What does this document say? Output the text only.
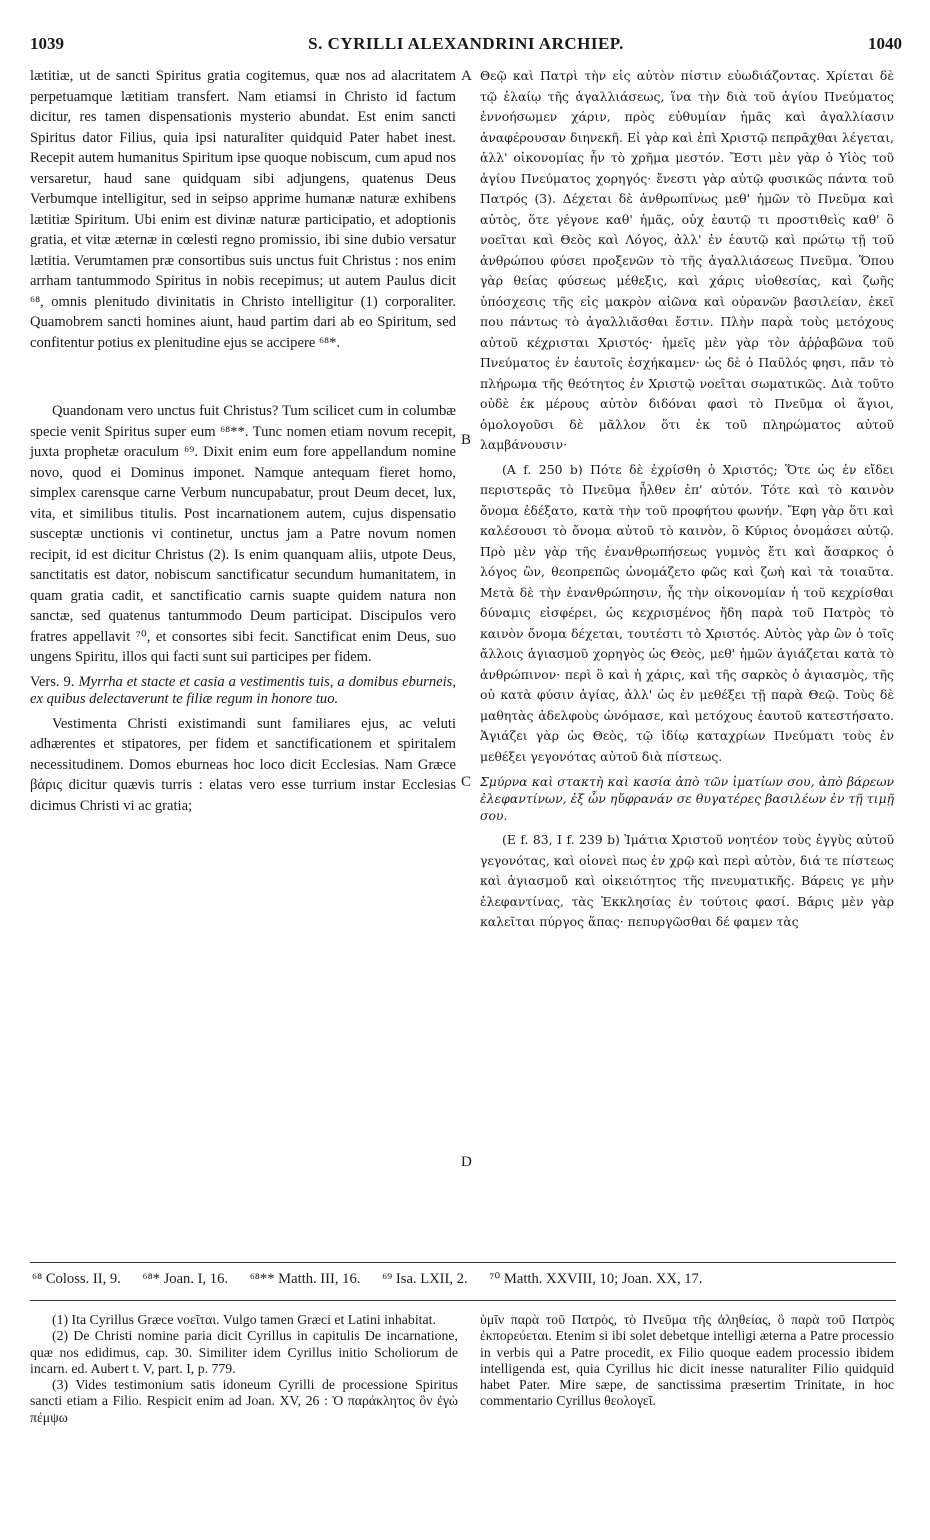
1039	S. CYRILLI ALEXANDRINI ARCHIEP.	1040

lætitiæ, ut de sancti Spiritus gratia cogitemus, quæ nos ad alacritatem perpetuamque lætitiam transfert. Nam etiamsi in Christo id factum dicitur, res tamen dispensationis mysterio abundat. Est enim sancti Spiritus dator Filius, quia ipsi naturaliter quidquid Pater habet inest. Recepit autem humanitus Spiritum ipse quoque nobiscum, cum apud nos versaretur, haud sane quidquam sibi adjungens, quatenus Deus Verbumque intelligitur, sed in seipso apprime humanæ naturæ exhibens lætitiæ Spiritum. Ubi enim est divinæ naturæ participatio, et adoptionis gratia, et vitæ æternæ in cœlesti regno promissio, ibi sine dubio versatur lætitia. Verumtamen præ consortibus suis unctus fuit Christus : nos enim arrham tantummodo Spiritus in nobis recepimus; ut autem Paulus dicit ⁶⁸, omnis plenitudo divinitatis in Christo intelligitur (1) corporaliter. Quamobrem sancti homines aiunt, haud partim dari ab eo Spiritum, sed confitentur potius ex plenitudine ejus se accipere ⁶⁸*.

Quandonam vero unctus fuit Christus? Tum scilicet cum in columbæ specie venit Spiritus super eum ⁶⁸**. Tunc nomen etiam novum recepit, juxta prophetæ oraculum ⁶⁹. Dixit enim eum fore appellandum nomine novo, quod ei Dominus imponet. Namque antequam fieret homo, simplex carensque carne Verbum nuncupabatur, prout Deum decet, lux, vita, et similibus titulis. Post incarnationem autem, cujus dispensatio susceptæ unctionis vi continetur, unctus jam a Patre novum nomen recipit, id est dicitur Christus (2). Is enim quanquam aliis, utpote Deus, sanctitatis est dator, nobiscum sanctificatur secundum humanitatem, in quam gratia cadit, et sanctificatio carnis suapte quidem natura non sanctæ, sed quatenus tantummodo Deum participat. Discipulos vero fratres appellavit ⁷⁰, et consortes sibi fecit. Sanctificat enim Deus, suo ungens Spiritu, illos qui facti sunt sui participes per fidem.

Vers. 9. Myrrha et stacte et casia a vestimentis tuis, a domibus eburneis, ex quibus delectaverunt te filiæ regum in honore tuo.

Vestimenta Christi existimandi sunt familiares ejus, ac veluti adhærentes et stipatores, per fidem et sanctificationem et spiritalem necessitudinem. Domos eburneas hoc loco dicit Ecclesias. Nam Græce βάρις dicitur quævis turris : elatas vero esse turrium instar Ecclesias dicimus Christi vi ac gratia;

A
B
C
D

Θεῷ καὶ Πατρὶ τὴν εἰς αὐτὸν πίστιν εὐωδιάζοντας. Χρίεται δὲ τῷ ἐλαίῳ τῆς ἀγαλλιάσεως, ἵνα τὴν διὰ τοῦ ἁγίου Πνεύματος ἐννοήσωμεν χάριν, πρὸς εὐθυμίαν ἡμᾶς καὶ ἀγαλλίασιν ἀναφέρουσαν διηνεκῆ. Εἰ γὰρ καὶ ἐπὶ Χριστῷ πεπρᾶχθαι λέγεται, ἀλλ' οἰκονομίας ἦν τὸ χρῆμα μεστόν. Ἔστι μὲν γὰρ ὁ Υἱὸς τοῦ ἁγίου Πνεύματος χορηγός· ἔνεστι γὰρ αὐτῷ φυσικῶς πάντα τοῦ Πατρός (3). Δέχεται δὲ ἀνθρωπίνως μεθ' ἡμῶν τὸ Πνεῦμα καὶ αὐτὸς, ὅτε γέγονε καθ' ἡμᾶς, οὐχ ἑαυτῷ τι προστιθεὶς καθ' ὃ νοεῖται καὶ Θεὸς καὶ Λόγος, ἀλλ' ἐν ἑαυτῷ καὶ πρώτῳ τῇ τοῦ ἀνθρώπου φύσει προξενῶν τὸ τῆς ἀγαλλιάσεως Πνεῦμα. Ὅπου γὰρ θείας φύσεως μέθεξις, καὶ χάρις υἱοθεσίας, καὶ ζωῆς ὑπόσχεσις τῆς εἰς μακρὸν αἰῶνα καὶ οὐρανῶν βασιλείαν, ἐκεῖ που πάντως τὸ ἀγαλλιᾶσθαι ἔστιν. Πλὴν παρὰ τοὺς μετόχους αὐτοῦ κέχρισται Χριστός· ἡμεῖς μὲν γὰρ τὸν ἀῤῥαβῶνα τοῦ Πνεύματος ἐν ἑαυτοῖς ἐσχήκαμεν· ὡς δὲ ὁ Παῦλός φησι, πᾶν τὸ πλήρωμα τῆς θεότητος ἐν Χριστῷ νοεῖται σωματικῶς. Διὰ τοῦτο οὐδὲ ἐκ μέρους αὐτὸν διδόναι φασὶ τὸ Πνεῦμα οἱ ἅγιοι, ὁμολογοῦσι δὲ μᾶλλον ὅτι ἐκ τοῦ πληρώματος αὐτοῦ λαμβάνουσιν·

(A f. 250 b) Πότε δὲ ἐχρίσθη ὁ Χριστός; Ὅτε ὡς ἐν εἴδει περιστερᾶς τὸ Πνεῦμα ἦλθεν ἐπ' αὐτόν. Τότε καὶ τὸ καινὸν ὄνομα ἐδέξατο, κατὰ τὴν τοῦ προφήτου φωνήν. Ἔφη γὰρ ὅτι καὶ καλέσουσι τὸ ὄνομα αὐτοῦ τὸ καινὸν, ὃ Κύριος ὀνομάσει αὐτῷ. Πρὸ μὲν γὰρ τῆς ἐνανθρωπήσεως γυμνὸς ἔτι καὶ ἄσαρκος ὁ λόγος ὢν, θεοπρεπῶς ὠνομάζετο φῶς καὶ ζωὴ καὶ τὰ τοιαῦτα. Μετὰ δὲ τὴν ἐνανθρώπησιν, ἧς τὴν οἰκονομίαν ἡ τοῦ κεχρίσθαι δύναμις εἰσφέρει, ὡς κεχρισμένος ἤδη παρὰ τοῦ Πατρὸς τὸ καινὸν ὄνομα δέχεται, τουτέστι τὸ Χριστός. Αὐτὸς γὰρ ὢν ὁ τοῖς ἄλλοις ἁγιασμοῦ χορηγὸς ὡς Θεὸς, μεθ' ἡμῶν ἁγιάζεται κατὰ τὸ ἀνθρώπινον· περὶ ὃ καὶ ἡ χάρις, καὶ τῆς σαρκὸς ὁ ἁγιασμὸς, τῆς οὐ κατὰ φύσιν ἁγίας, ἀλλ' ὡς ἐν μεθέξει τῇ παρὰ Θεῷ. Τοὺς δὲ μαθητὰς ἀδελφοὺς ὠνόμασε, καὶ μετόχους ἑαυτοῦ κατεστήσατο. Ἁγιάζει γὰρ ὡς Θεὸς, τῷ ἰδίῳ καταχρίων Πνεύματι τοὺς ἐν μεθέξει γεγονότας αὐτοῦ διὰ πίστεως.

Σμύρνα καὶ στακτὴ καὶ κασία ἀπὸ τῶν ἱματίων σου, ἀπὸ βάρεων ἐλεφαντίνων, ἐξ ὧν ηὔφρανάν σε θυγατέρες βασιλέων ἐν τῇ τιμῇ σου.

(E f. 83, I f. 239 b) Ἱμάτια Χριστοῦ νοητέον τοὺς ἐγγὺς αὐτοῦ γεγονότας, καὶ οἱονεὶ πως ἐν χρῷ καὶ περὶ αὐτὸν, διά τε πίστεως καὶ ἁγιασμοῦ καὶ οἰκειότητος τῆς πνευματικῆς. Βάρεις γε μὴν ἐλεφαντίνας, τὰς Ἐκκλησίας ἐν τούτοις φασί. Βάρις μὲν γὰρ καλεῖται πύργος ἅπας· πεπυργῶσθαι δέ φαμεν τὰς

⁶⁸ Coloss. II, 9. ⁶⁸* Joan. I, 16. ⁶⁸** Matth. III, 16. ⁶⁹ Isa. LXII, 2. ⁷⁰ Matth. XXVIII, 10; Joan. XX, 17.

(1) Ita Cyrillus Græce νοεῖται. Vulgo tamen Græci et Latini inhabitat.

(2) De Christi nomine paria dicit Cyrillus in capitulis De incarnatione, quæ nos edidimus, cap. 30. Similiter idem Cyrillus initio Scholiorum de incarn. ed. Aubert t. V, part. I, p. 779.

(3) Vides testimonium satis idoneum Cyrilli de processione Spiritus sancti etiam a Filio. Respicit enim ad Joan. XV, 26 : Ὁ παράκλητος ὃν ἐγὼ πέμψω

ὑμῖν παρὰ τοῦ Πατρὸς, τὸ Πνεῦμα τῆς ἀληθείας, ὃ παρὰ τοῦ Πατρὸς ἐκπορεύεται. Etenim si ibi solet debetque intelligi æterna a Patre processio in verbis qui a Patre procedit, ex Filio quoque eadem processio ibidem intelligenda est, quia Cyrillus hic dicit inesse naturaliter Filio quidquid habet Pater. Mire sæpe, de sanctissima præsertim Trinitate, in hoc commentario Cyrillus θεολογεῖ.
